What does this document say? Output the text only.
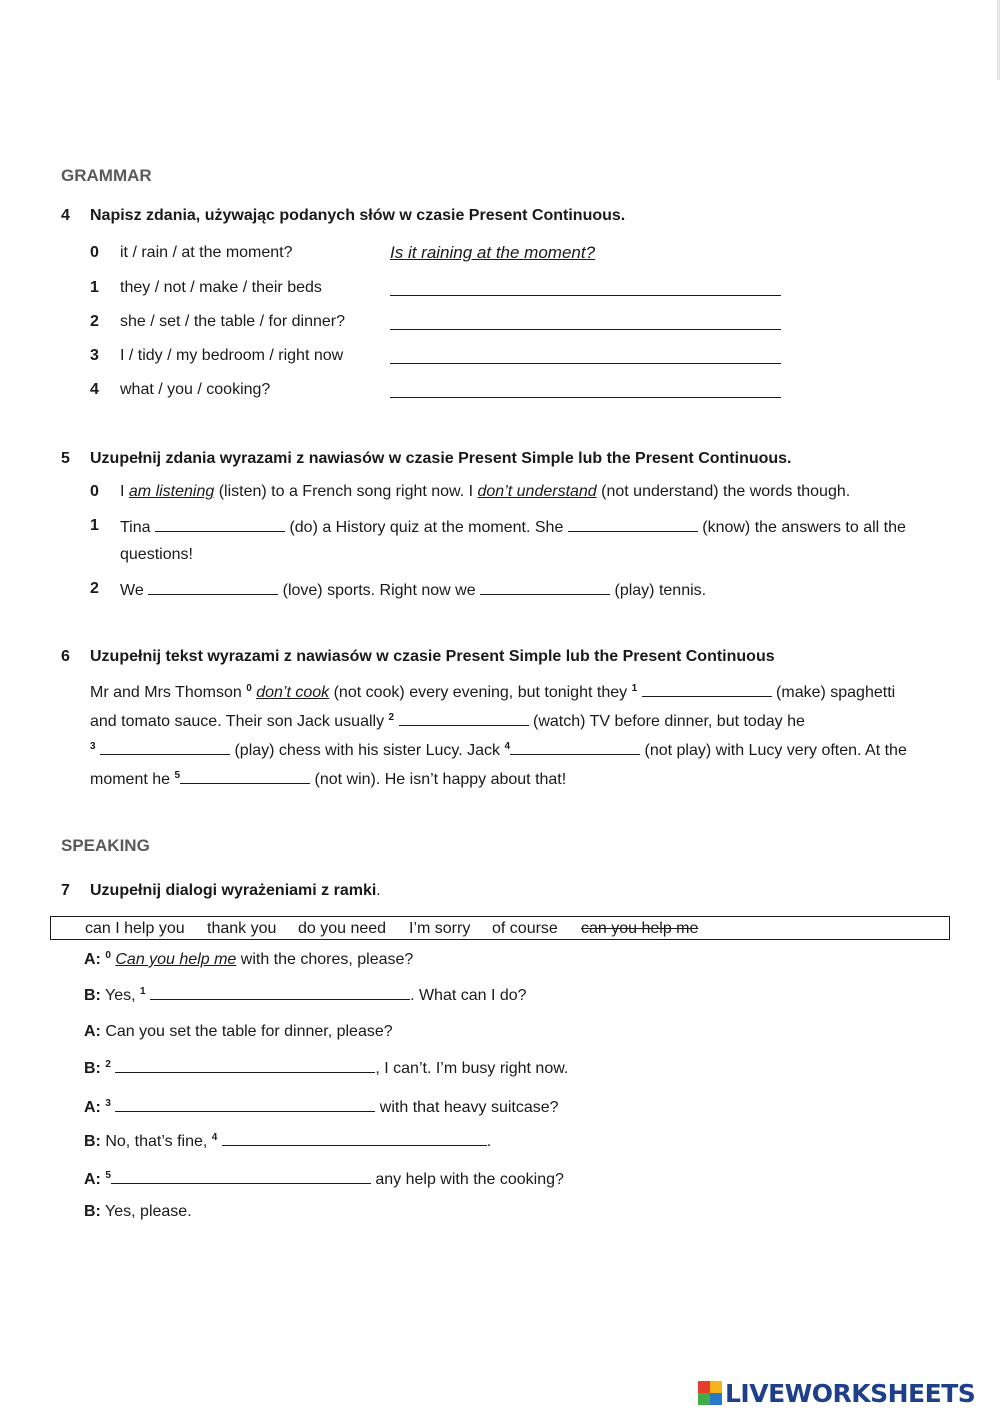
GRAMMAR
4 Napisz zdania, używając podanych słów w czasie Present Continuous.
0 it / rain / at the moment?	Is it raining at the moment?
1 they / not / make / their beds
2 she / set / the table / for dinner?
3 I / tidy / my bedroom / right now
4 what / you / cooking?
5 Uzupełnij zdania wyrazami z nawiasów w czasie Present Simple lub the Present Continuous.
0 I am listening (listen) to a French song right now. I don’t understand (not understand) the words though.
1 Tina	(do) a History quiz at the moment. She	(know) the answers to all the
questions!
2 We	(love) sports. Right now we	(play) tennis.
6 Uzupełnij tekst wyrazami z nawiasów w czasie Present Simple lub the Present Continuous
Mr and Mrs Thomson $^0$ don’t cook (not cook) every evening, but tonight they $^1$	(make) spaghetti
and tomato sauce. Their son Jack usually $^2$	(watch) TV before dinner, but today he
$^3$	(play) chess with his sister Lucy. Jack $^4$	(not play) with Lucy very often. At the
moment he $^5$	(not win). He isn’t happy about that!
SPEAKING
7 Uzupełnij dialogi wyrażeniami z ramki.
can I help you thank you do you need I’m sorry of course can you help me
A: $^0$ Can you help me with the chores, please?
B: Yes, $^1$	. What can I do?
A: Can you set the table for dinner, please?
B: $^2$	, I can’t. I’m busy right now.
A: $^3$	with that heavy suitcase?
B: No, that’s fine, $^4$	.
A: $^5$	any help with the cooking?
B: Yes, please.
LIVEWORKSHEETS
